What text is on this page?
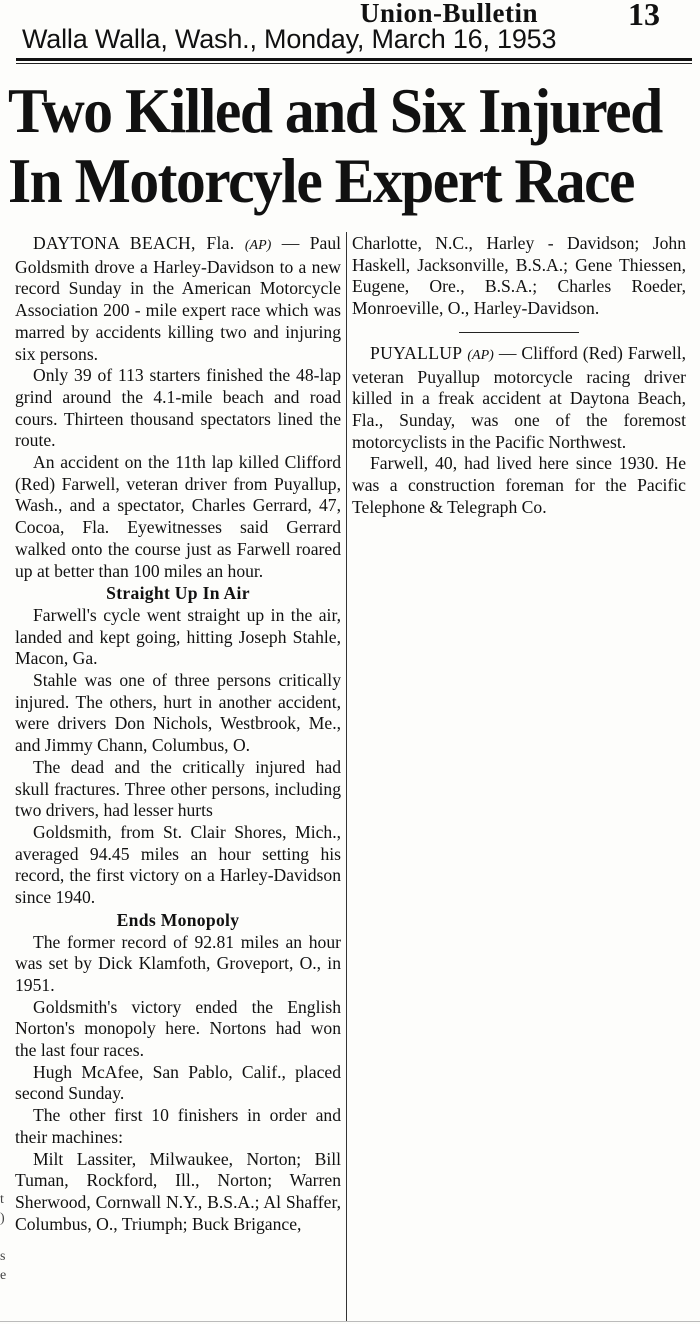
Union-Bulletin	13
Walla Walla, Wash., Monday, March 16, 1953
Two Killed and Six Injured
In Motorcyle Expert Race

DAYTONA BEACH, Fla. (AP) — Paul Goldsmith drove a Harley-Davidson to a new record Sunday in the American Motorcycle Association 200 - mile expert race which was marred by accidents killing two and injuring six persons.

Only 39 of 113 starters finished the 48-lap grind around the 4.1-mile beach and road cours. Thirteen thousand spectators lined the route.

An accident on the 11th lap killed Clifford (Red) Farwell, veteran driver from Puyallup, Wash., and a spectator, Charles Gerrard, 47, Cocoa, Fla. Eyewitnesses said Gerrard walked onto the course just as Farwell roared up at better than 100 miles an hour.

Straight Up In Air

Farwell's cycle went straight up in the air, landed and kept going, hitting Joseph Stahle, Macon, Ga.

Stahle was one of three persons critically injured. The others, hurt in another accident, were drivers Don Nichols, Westbrook, Me., and Jimmy Chann, Columbus, O.

The dead and the critically injured had skull fractures. Three other persons, including two drivers, had lesser hurts

Goldsmith, from St. Clair Shores, Mich., averaged 94.45 miles an hour setting his record, the first victory on a Harley-Davidson since 1940.

Ends Monopoly

The former record of 92.81 miles an hour was set by Dick Klamfoth, Groveport, O., in 1951.

Goldsmith's victory ended the English Norton's monopoly here. Nortons had won the last four races.

Hugh McAfee, San Pablo, Calif., placed second Sunday.

The other first 10 finishers in order and their machines:

Milt Lassiter, Milwaukee, Norton; Bill Tuman, Rockford, Ill., Norton; Warren Sherwood, Cornwall N.Y., B.S.A.; Al Shaffer, Columbus, O., Triumph; Buck Brigance,

Charlotte, N.C., Harley - Davidson; John Haskell, Jacksonville, B.S.A.; Gene Thiessen, Eugene, Ore., B.S.A.; Charles Roeder, Monroeville, O., Harley-Davidson.

PUYALLUP (AP) — Clifford (Red) Farwell, veteran Puyallup motorcycle racing driver killed in a freak accident at Daytona Beach, Fla., Sunday, was one of the foremost motorcyclists in the Pacific Northwest.

Farwell, 40, had lived here since 1930. He was a construction foreman for the Pacific Telephone & Telegraph Co.

t
)

s
e
